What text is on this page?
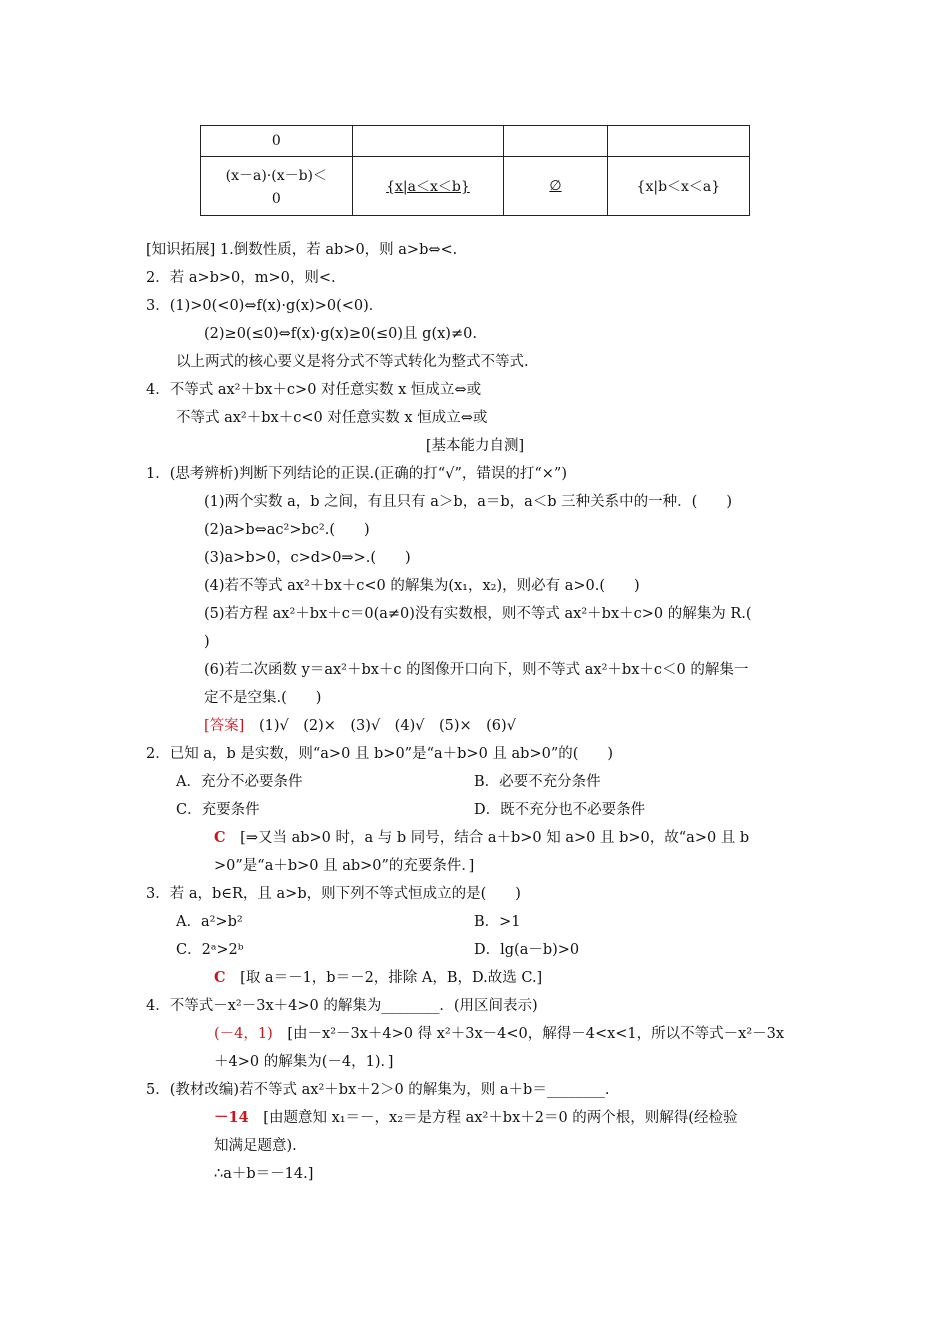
0			

(x－a)·(x－b)＜
0	{x|a＜x＜b}	∅	{x|b＜x＜a}
[知识拓展] 1.倒数性质，若 ab>0，则 a>b⇔<.
2．若 a>b>0，m>0，则<.
3．(1)>0(<0)⇔f(x)·g(x)>0(<0)．
(2)≥0(≤0)⇔f(x)·g(x)≥0(≤0)且 g(x)≠0.
以上两式的核心要义是将分式不等式转化为整式不等式.
4．不等式 ax²＋bx＋c>0 对任意实数 x 恒成立⇔或
不等式 ax²＋bx＋c<0 对任意实数 x 恒成立⇔或
[基本能力自测]
1．(思考辨析)判断下列结论的正误.(正确的打“√”，错误的打“×”)
(1)两个实数 a，b 之间，有且只有 a＞b，a＝b，a＜b 三种关系中的一种．(　　)
(2)a>b⇔ac²>bc².(　　)
(3)a>b>0，c>d>0⇒>.(　　)
(4)若不等式 ax²＋bx＋c<0 的解集为(x₁，x₂)，则必有 a>0.(　　)
(5)若方程 ax²＋bx＋c＝0(a≠0)没有实数根，则不等式 ax²＋bx＋c>0 的解集为 R.(
)
(6)若二次函数 y＝ax²＋bx＋c 的图像开口向下，则不等式 ax²＋bx＋c＜0 的解集一
定不是空集.(　　)
[答案] (1)√　(2)×　(3)√　(4)√　(5)×　(6)√
2．已知 a，b 是实数，则“a>0 且 b>0”是“a＋b>0 且 ab>0”的(　　)
A．充分不必要条件	B．必要不充分条件
C．充要条件	D．既不充分也不必要条件
C [⇒又当 ab>0 时，a 与 b 同号，结合 a＋b>0 知 a>0 且 b>0，故“a>0 且 b
>0”是“a＋b>0 且 ab>0”的充要条件．]
3．若 a，b∈R，且 a>b，则下列不等式恒成立的是(　　)
A．a²>b²	B．>1
C．2ᵃ>2ᵇ	D．lg(a－b)>0
C [取 a＝－1，b＝－2，排除 A，B，D.故选 C.]
4．不等式－x²－3x＋4>0 的解集为________．(用区间表示)
(－4，1) [由－x²－3x＋4>0 得 x²＋3x－4<0，解得－4<x<1，所以不等式－x²－3x
＋4>0 的解集为(－4，1)．]
5．(教材改编)若不等式 ax²＋bx＋2＞0 的解集为，则 a＋b＝________.
－14 [由题意知 x₁＝－，x₂＝是方程 ax²＋bx＋2＝0 的两个根，则解得(经检验
知满足题意).
∴a＋b＝－14.]
